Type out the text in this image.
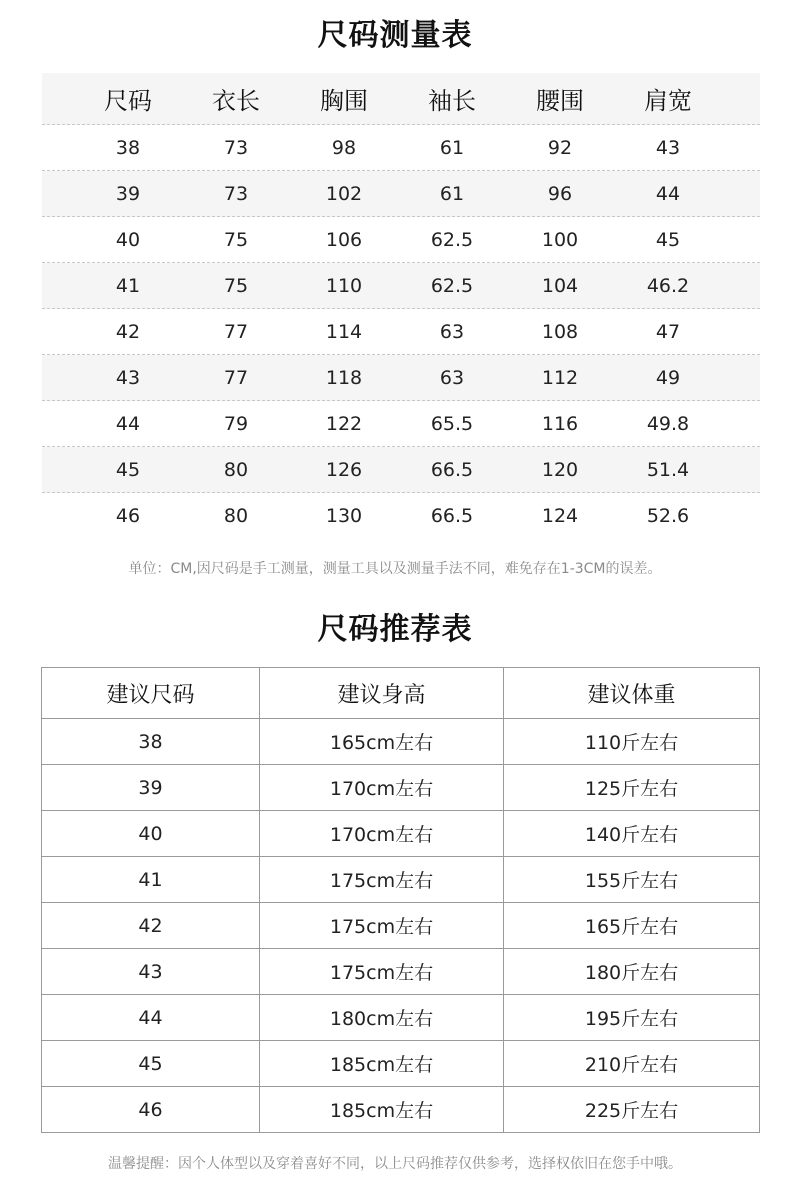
尺码测量表
尺码	衣长	胸围	袖长	腰围	肩宽
38	73	98	61	92	43
39	73	102	61	96	44
40	75	106	62.5	100	45
41	75	110	62.5	104	46.2
42	77	114	63	108	47
43	77	118	63	112	49
44	79	122	65.5	116	49.8
45	80	126	66.5	120	51.4
46	80	130	66.5	124	52.6
单位：CM,因尺码是手工测量，测量工具以及测量手法不同，难免存在1-3CM的误差。
尺码推荐表
建议尺码	建议身高	建议体重
38	165cm左右	110斤左右
39	170cm左右	125斤左右
40	170cm左右	140斤左右
41	175cm左右	155斤左右
42	175cm左右	165斤左右
43	175cm左右	180斤左右
44	180cm左右	195斤左右
45	185cm左右	210斤左右
46	185cm左右	225斤左右
温馨提醒：因个人体型以及穿着喜好不同，以上尺码推荐仅供参考，选择权依旧在您手中哦。
